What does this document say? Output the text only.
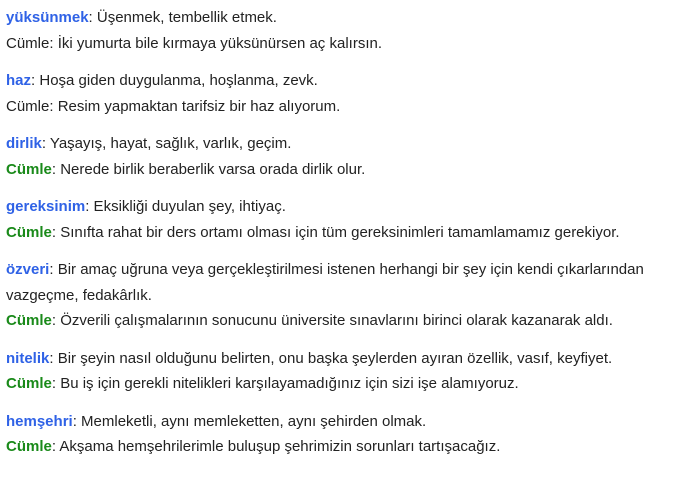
yüksünmek: Üşenmek, tembellik etmek.

Cümle: İki yumurta bile kırmaya yüksünürsen aç kalırsın.

haz: Hoşa giden duygulanma, hoşlanma, zevk.

Cümle: Resim yapmaktan tarifsiz bir haz alıyorum.

dirlik: Yaşayış, hayat, sağlık, varlık, geçim.

Cümle: Nerede birlik beraberlik varsa orada dirlik olur.

gereksinim: Eksikliği duyulan şey, ihtiyaç.

Cümle: Sınıfta rahat bir ders ortamı olması için tüm gereksinimleri tamamlamamız gerekiyor.

özveri: Bir amaç uğruna veya gerçekleştirilmesi istenen herhangi bir şey için kendi çıkarlarından vazgeçme, fedakârlık.

Cümle: Özverili çalışmalarının sonucunu üniversite sınavlarını birinci olarak kazanarak aldı.

nitelik: Bir şeyin nasıl olduğunu belirten, onu başka şeylerden ayıran özellik, vasıf, keyfiyet.

Cümle: Bu iş için gerekli nitelikleri karşılayamadığınız için sizi işe alamıyoruz.

hemşehri: Memleketli, aynı memleketten, aynı şehirden olmak.

Cümle: Akşama hemşehrilerimle buluşup şehrimizin sorunları tartışacağız.
